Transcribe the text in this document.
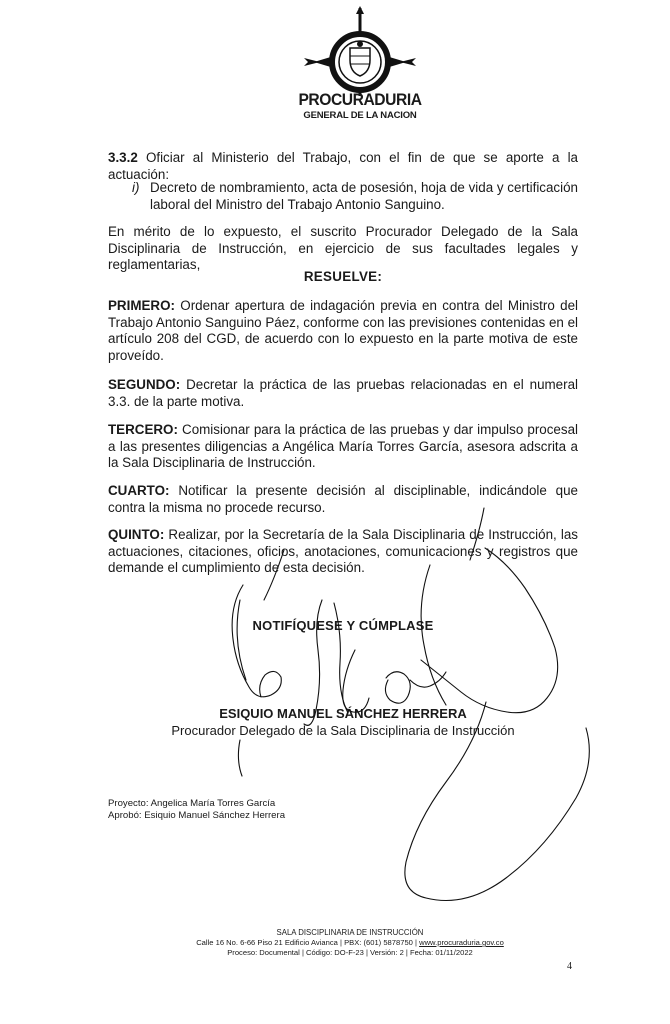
PROCURADURIA
GENERAL DE LA NACION

3.3.2 Oficiar al Ministerio del Trabajo, con el fin de que se aporte a la actuación:

i) Decreto de nombramiento, acta de posesión, hoja de vida y certificación laboral del Ministro del Trabajo Antonio Sanguino.

En mérito de lo expuesto, el suscrito Procurador Delegado de la Sala Disciplinaria de Instrucción, en ejercicio de sus facultades legales y reglamentarias,

RESUELVE:

PRIMERO: Ordenar apertura de indagación previa en contra del Ministro del Trabajo Antonio Sanguino Páez, conforme con las previsiones contenidas en el artículo 208 del CGD, de acuerdo con lo expuesto en la parte motiva de este proveído.

SEGUNDO: Decretar la práctica de las pruebas relacionadas en el numeral 3.3. de la parte motiva.

TERCERO: Comisionar para la práctica de las pruebas y dar impulso procesal a las presentes diligencias a Angélica María Torres García, asesora adscrita a la Sala Disciplinaria de Instrucción.

CUARTO: Notificar la presente decisión al disciplinable, indicándole que contra la misma no procede recurso.

QUINTO: Realizar, por la Secretaría de la Sala Disciplinaria de Instrucción, las actuaciones, citaciones, oficios, anotaciones, comunicaciones y registros que demande el cumplimiento de esta decisión.

NOTIFÍQUESE Y CÚMPLASE
ESIQUIO MANUEL SÁNCHEZ HERRERA
Procurador Delegado de la Sala Disciplinaria de Instrucción
Proyecto: Angelica María Torres García
Aprobó: Esiquio Manuel Sánchez Herrera
SALA DISCIPLINARIA DE INSTRUCCIÓN
Calle 16 No. 6-66 Piso 21 Edificio Avianca | PBX: (601) 5878750 | www.procuraduria.gov.co
Proceso: Documental | Código: DO-F-23 | Versión: 2 | Fecha: 01/11/2022
4
